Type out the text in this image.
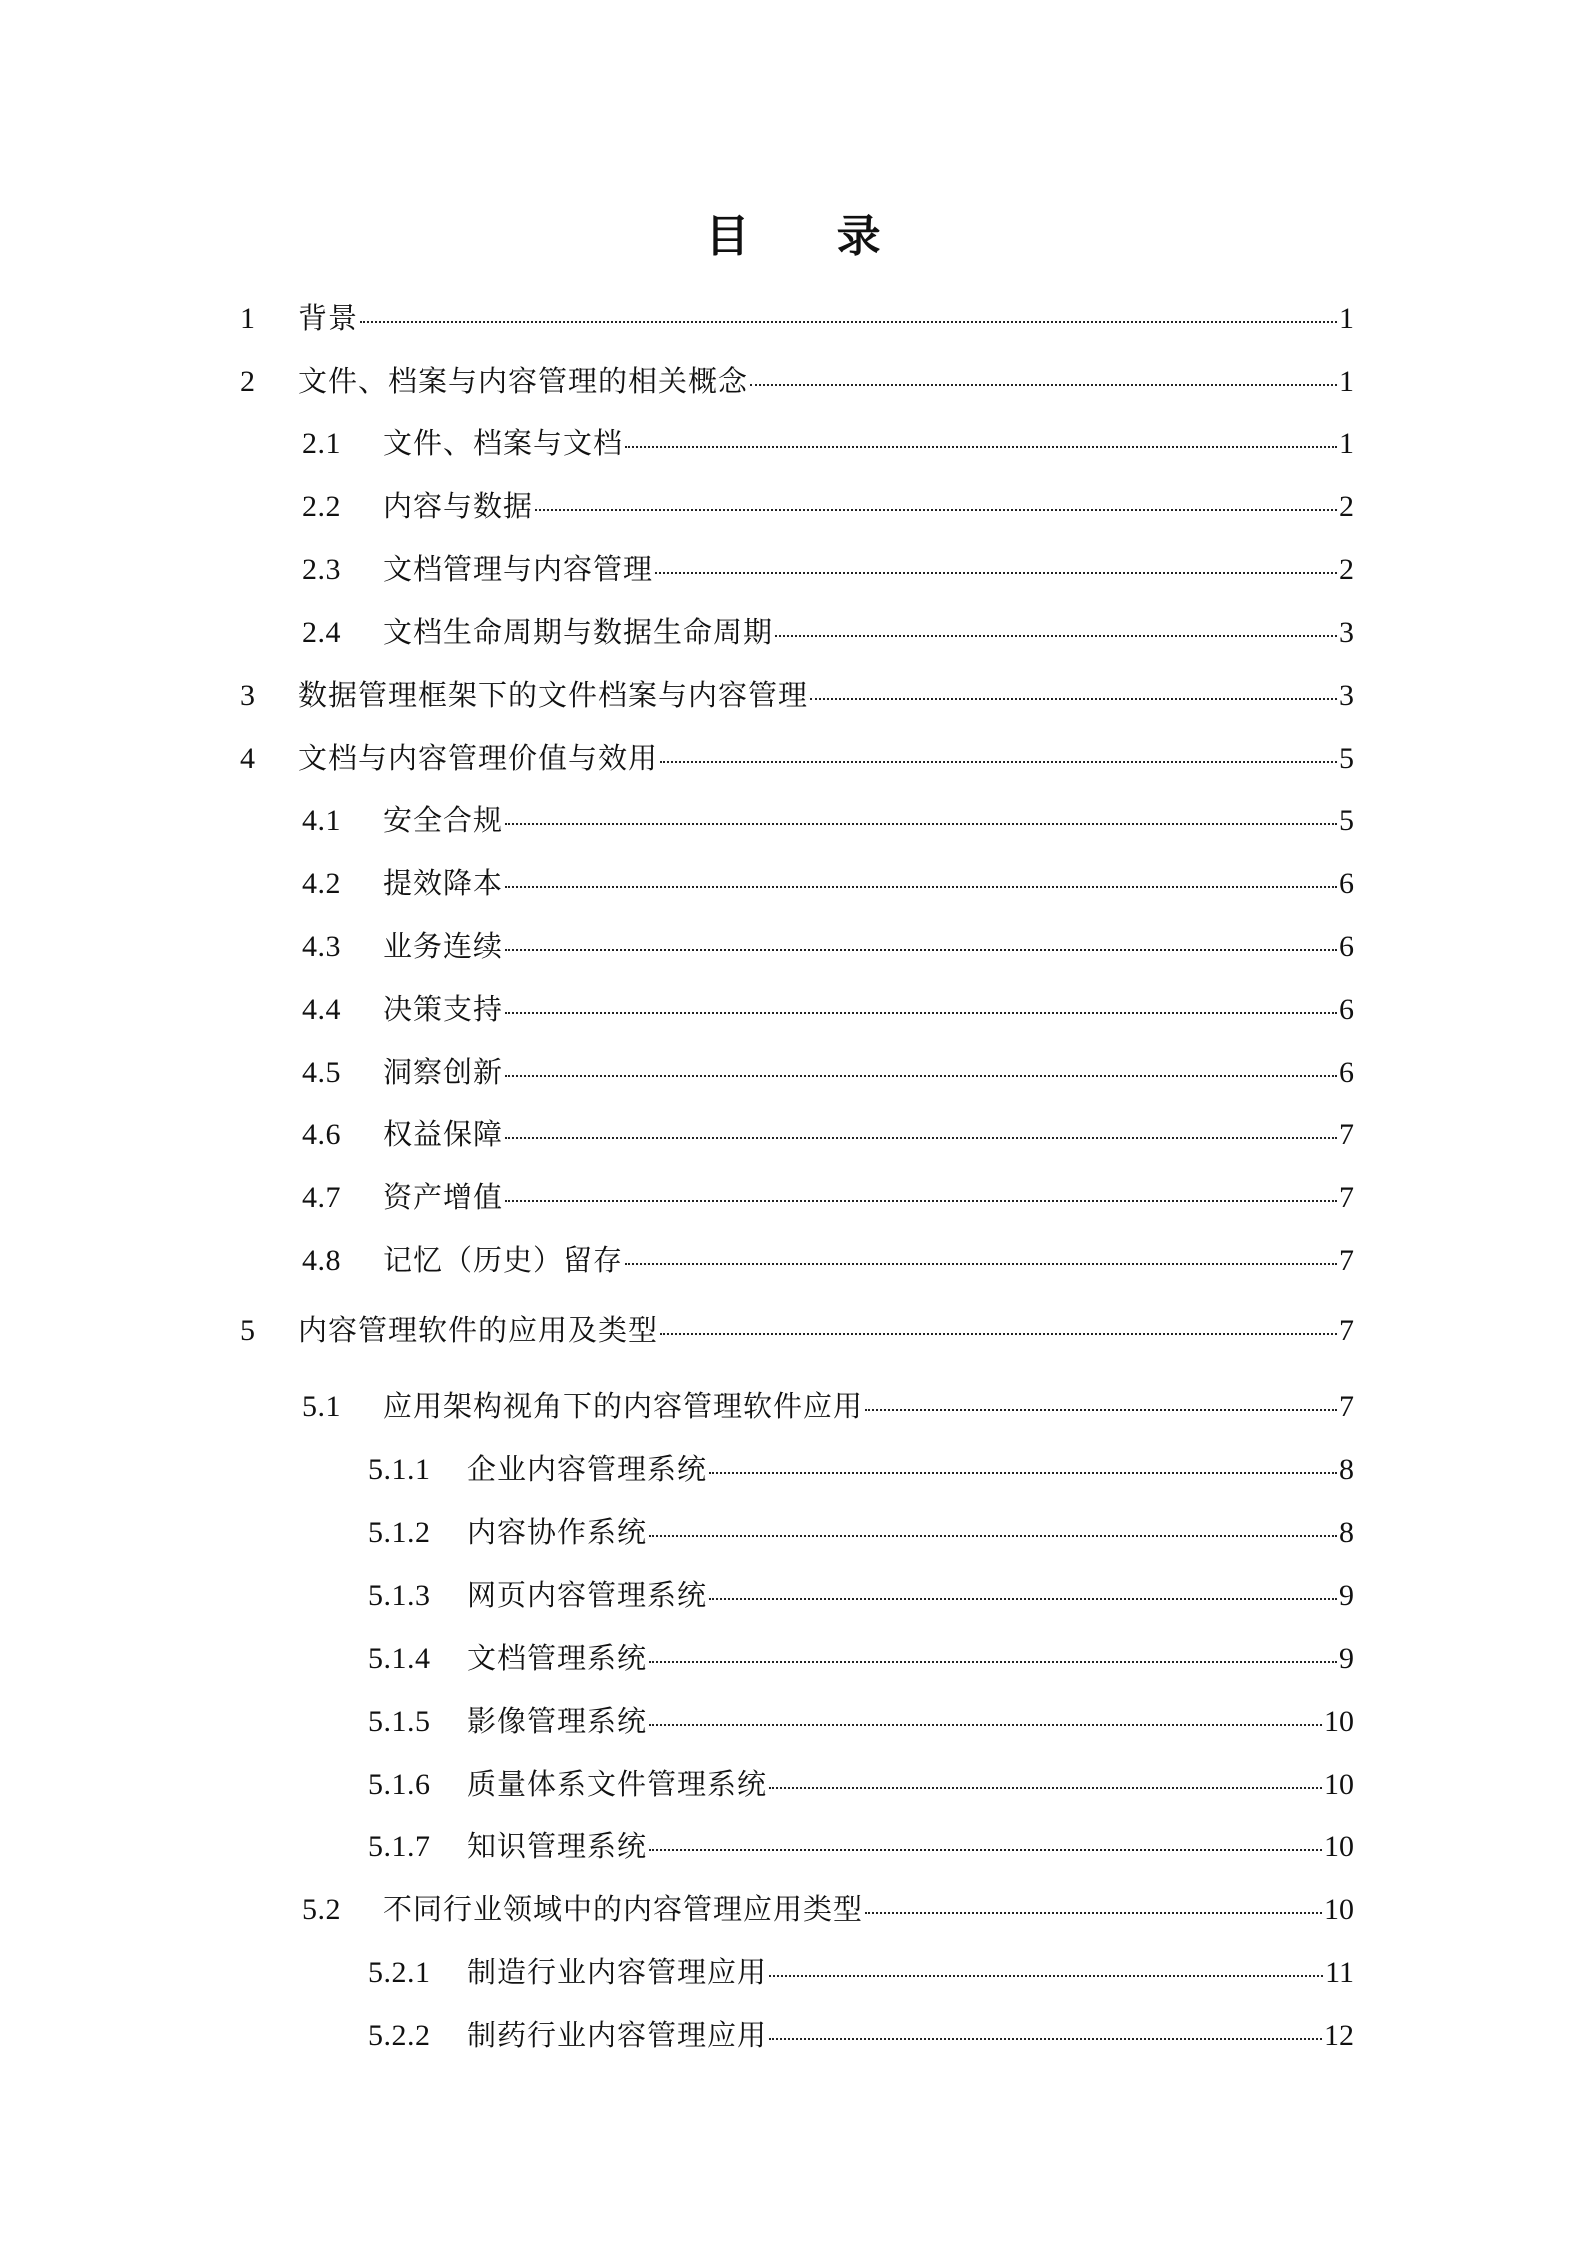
目 录
1	背景	1
2	文件、档案与内容管理的相关概念	1
2.1	文件、档案与文档	1
2.2	内容与数据	2
2.3	文档管理与内容管理	2
2.4	文档生命周期与数据生命周期	3
3	数据管理框架下的文件档案与内容管理	3
4	文档与内容管理价值与效用	5
4.1	安全合规	5
4.2	提效降本	6
4.3	业务连续	6
4.4	决策支持	6
4.5	洞察创新	6
4.6	权益保障	7
4.7	资产增值	7
4.8	记忆（历史）留存	7
5	内容管理软件的应用及类型	7
5.1	应用架构视角下的内容管理软件应用	7
5.1.1	企业内容管理系统	8
5.1.2	内容协作系统	8
5.1.3	网页内容管理系统	9
5.1.4	文档管理系统	9
5.1.5	影像管理系统	10
5.1.6	质量体系文件管理系统	10
5.1.7	知识管理系统	10
5.2	不同行业领域中的内容管理应用类型	10
5.2.1	制造行业内容管理应用	11
5.2.2	制药行业内容管理应用	12
